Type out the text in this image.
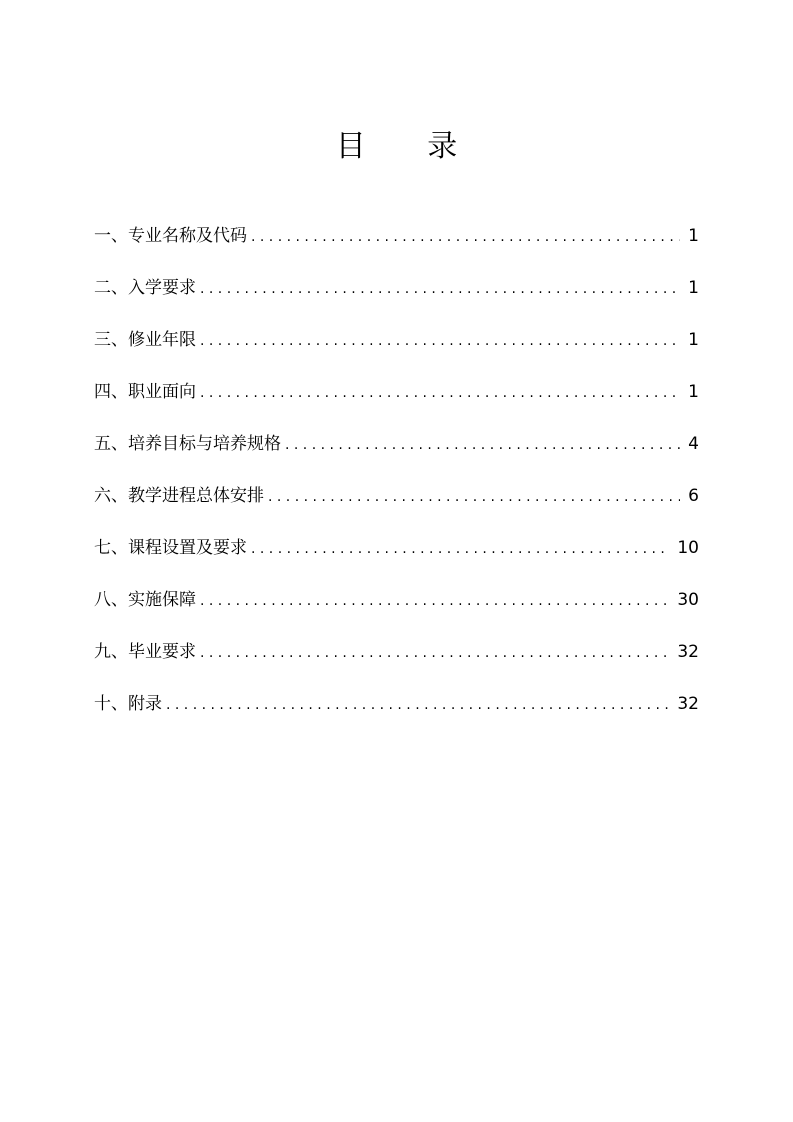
目 录
一、专业名称及代码 . . .	1
二、入学要求 . . .	1
三、修业年限 . . .	1
四、职业面向 . . .	1
五、培养目标与培养规格 . . .	4
六、教学进程总体安排 . . .	6
七、课程设置及要求 . . .	10
八、实施保障 . . .	30
九、毕业要求 . . .	32
十、附录 . . .	32
